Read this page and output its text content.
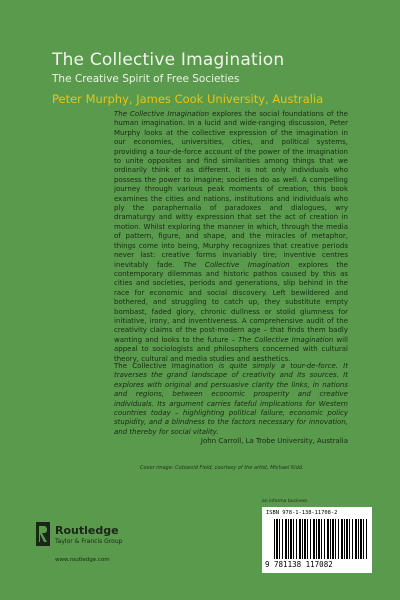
The Collective Imagination
The Creative Spirit of Free Societies
Peter Murphy, James Cook University, Australia

The Collective Imagination explores the social foundations of the human imagination. In a lucid and wide-ranging discussion, Peter Murphy looks at the collective expression of the imagination in our economies, universities, cities, and political systems, providing a tour-de-force account of the power of the imagination to unite opposites and find similarities among things that we ordinarily think of as different. It is not only individuals who possess the power to imagine; societies do as well. A compelling journey through various peak moments of creation, this book examines the cities and nations, institutions and individuals who ply the paraphernalia of paradoxes and dialogues, wry dramaturgy and witty expression that set the act of creation in motion. Whilst exploring the manner in which, through the media of pattern, figure, and shape, and the miracles of metaphor, things come into being, Murphy recognizes that creative periods never last: creative forms invariably tire; inventive centres inevitably fade. The Collective Imagination explores the contemporary dilemmas and historic pathos caused by this as cities and societies, periods and generations, slip behind in the race for economic and social discovery. Left bewildered and bothered, and struggling to catch up, they substitute empty bombast, faded glory, chronic dullness or stolid glumness for initiative, irony, and inventiveness. A comprehensive audit of the creativity claims of the post-modern age – that finds them badly wanting and looks to the future – The Collective Imagination will appeal to sociologists and philosophers concerned with cultural theory, cultural and media studies and aesthetics.

The Collective Imagination is quite simply a tour-de-force. It traverses the grand landscape of creativity and its sources. It explores with original and persuasive clarity the links, in nations and regions, between economic prosperity and creative individuals. Its argument carries fateful implications for Western countries today – highlighting political failure, economic policy stupidity, and a blindness to the factors necessary for innovation, and thereby for social vitality.
John Carroll, La Trobe University, Australia

Cover image: Cotswold Field, courtesy of the artist, Michael Kidd.
an informa business
ISBN 978-1-138-11708-2
9 781138 117082
Routledge
Taylor & Francis Group
www.routledge.com
